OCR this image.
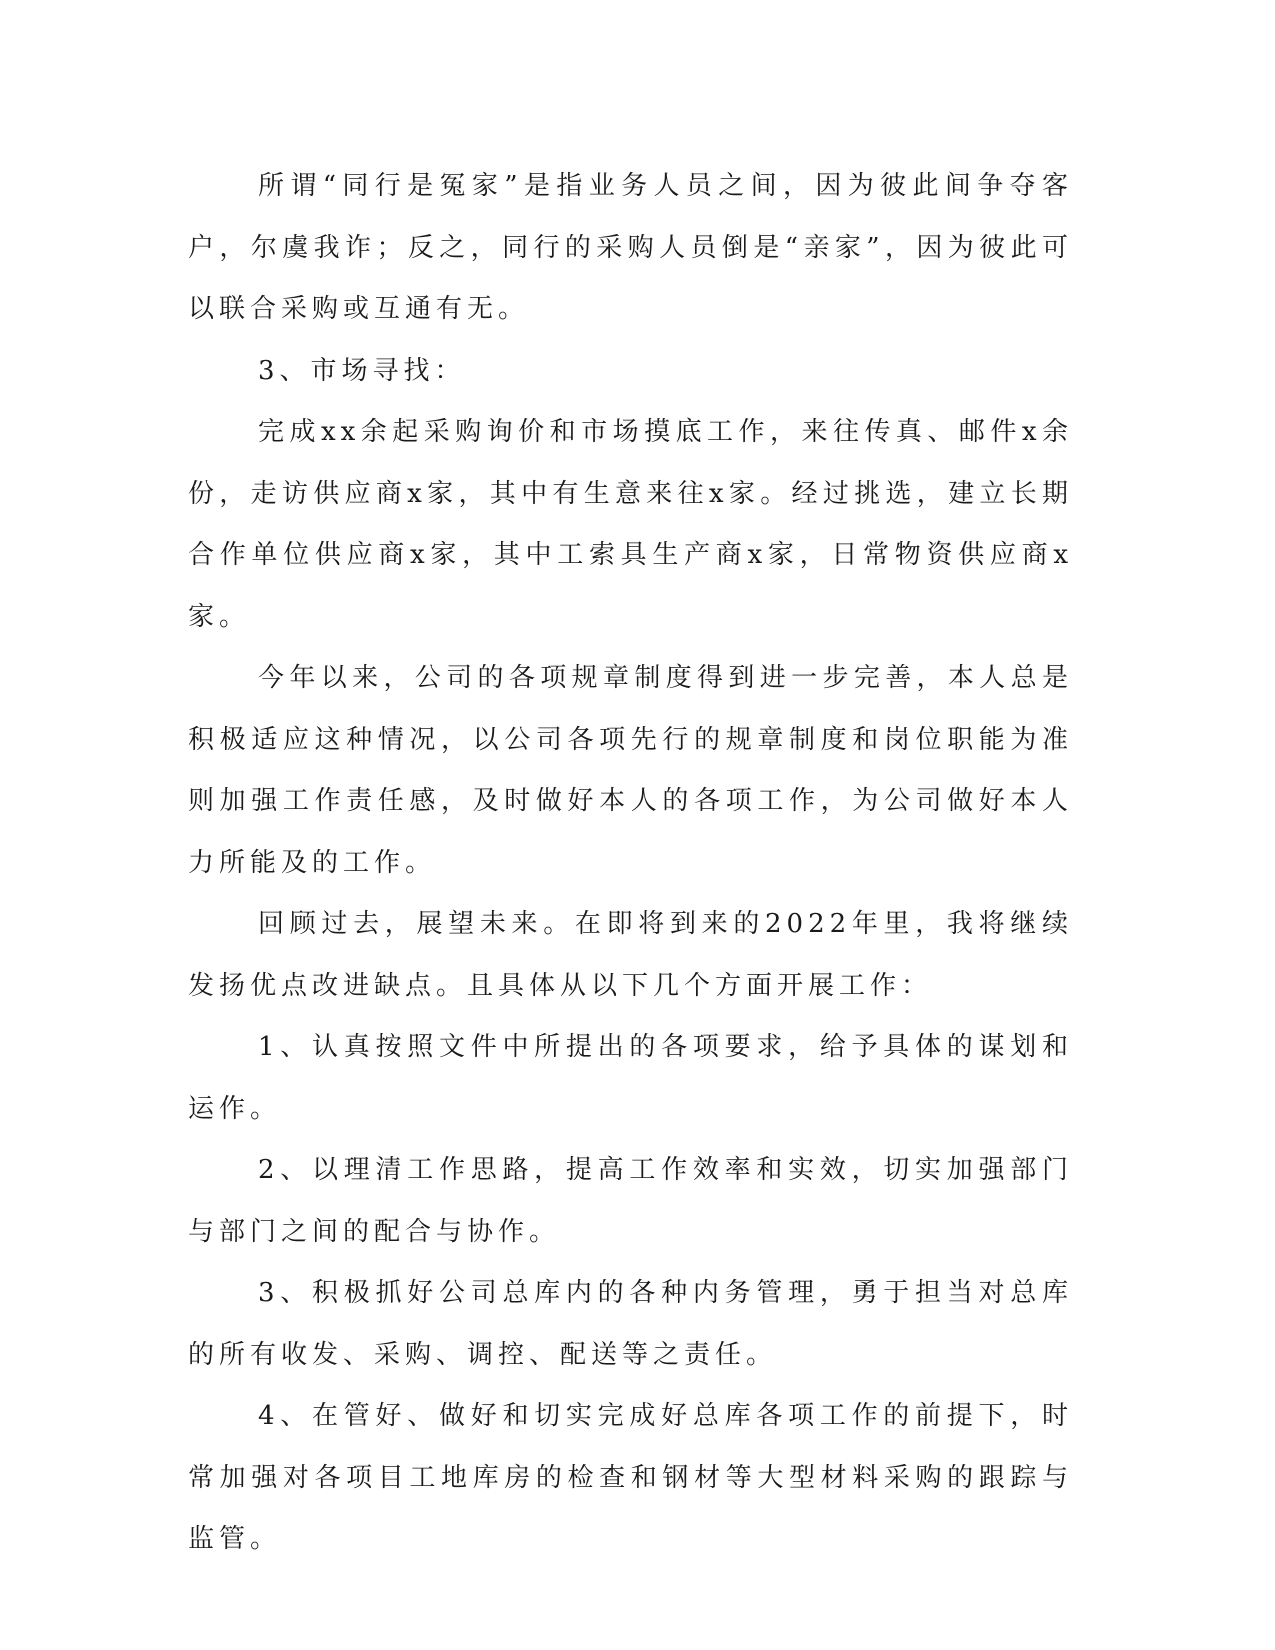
所谓“同行是冤家”是指业务人员之间，因为彼此间争夺客户，尔虞我诈；反之，同行的采购人员倒是“亲家”，因为彼此可以联合采购或互通有无。

3、市场寻找：

完成xx余起采购询价和市场摸底工作，来往传真、邮件x余份，走访供应商x家，其中有生意来往x家。经过挑选，建立长期合作单位供应商x家，其中工索具生产商x家，日常物资供应商x家。

今年以来，公司的各项规章制度得到进一步完善，本人总是积极适应这种情况，以公司各项先行的规章制度和岗位职能为准则加强工作责任感，及时做好本人的各项工作，为公司做好本人力所能及的工作。

回顾过去，展望未来。在即将到来的2022年里，我将继续发扬优点改进缺点。且具体从以下几个方面开展工作：

1、认真按照文件中所提出的各项要求，给予具体的谋划和运作。

2、以理清工作思路，提高工作效率和实效，切实加强部门与部门之间的配合与协作。

3、积极抓好公司总库内的各种内务管理，勇于担当对总库的所有收发、采购、调控、配送等之责任。

4、在管好、做好和切实完成好总库各项工作的前提下，时常加强对各项目工地库房的检查和钢材等大型材料采购的跟踪与监管。
